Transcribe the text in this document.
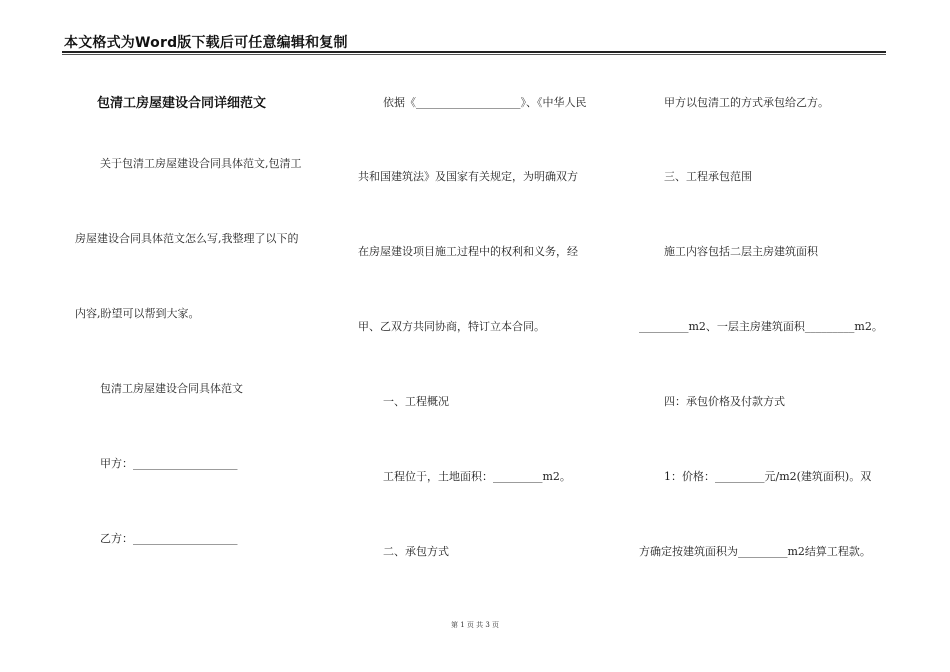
本文格式为Word版下载后可任意编辑和复制
包清工房屋建设合同详细范文
关于包清工房屋建设合同具体范文,包清工
房屋建设合同具体范文怎么写,我整理了以下的
内容,盼望可以帮到大家。
包清工房屋建设合同具体范文
甲方：___________________
乙方：___________________
依据《___________________》、《中华人民
共和国建筑法》及国家有关规定，为明确双方
在房屋建设项目施工过程中的权利和义务，经
甲、乙双方共同协商，特订立本合同。
一、工程概况
工程位于，土地面积：_________m2。
二、承包方式
甲方以包清工的方式承包给乙方。
三、工程承包范围
施工内容包括二层主房建筑面积
_________m2、一层主房建筑面积_________m2。
四：承包价格及付款方式
1：价格：_________元/m2(建筑面积)。双
方确定按建筑面积为_________m2结算工程款。
第 1 页 共 3 页
